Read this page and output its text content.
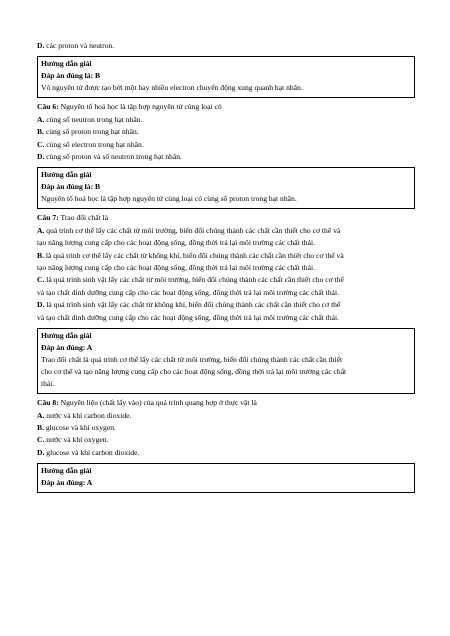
D. các proton và neutron.

Hướng dẫn giải

Đáp án đúng là: B

Vỏ nguyên tử được tạo bởi một hay nhiều electron chuyển động xung quanh hạt nhân.

Câu 6: Nguyên tố hoá học là tập hợp nguyên tử cùng loại có

A. cùng số neutron trong hạt nhân.

B. cùng số proton trong hạt nhân.

C. cùng số electron trong hạt nhân.

D. cùng số proton và số neutron trong hạt nhân.

Hướng dẫn giải

Đáp án đúng là: B

Nguyên tố hoá học là tập hợp nguyên tử cùng loại có cùng số proton trong hạt nhân.

Câu 7: Trao đổi chất là

A. quá trình cơ thể lấy các chất từ môi trường, biến đổi chúng thành các chất cần thiết cho cơ thể và

tạo năng lượng cung cấp cho các hoạt động sống, đồng thời trả lại môi trường các chất thải.

B. là quá trình cơ thể lấy các chất từ không khí, biến đổi chúng thành các chất cần thiết cho cơ thể và

tạo năng lượng cung cấp cho các hoạt động sống, đồng thời trả lại môi trường các chất thải.

C. là quá trình sinh vật lấy các chất từ môi trường, biến đổi chúng thành các chất cần thiết cho cơ thể

và tạo chất dinh dưỡng cung cấp cho các hoạt động sống, đồng thời trả lại môi trường các chất thải.

D. là quá trình sinh vật lấy các chất từ không khí, biến đổi chúng thành các chất cần thiết cho cơ thể

và tạo chất dinh dưỡng cung cấp cho các hoạt động sống, đồng thời trả lại môi trường các chất thải.

Hướng dẫn giải

Đáp án đúng: A

Trao đổi chất là quá trình cơ thể lấy các chất từ môi trường, biến đổi chúng thành các chất cần thiết

cho cơ thể và tạo năng lượng cung cấp cho các hoạt động sống, đồng thời trả lại môi trường các chất

thải.

Câu 8: Nguyên liệu (chất lấy vào) của quá trình quang hợp ở thực vật là

A. nước và khí carbon dioxide.

B. glucose và khí oxygen.

C. nước và khí oxygen.

D. glucose và khí carbon dioxide.

Hướng dẫn giải

Đáp án đúng: A
